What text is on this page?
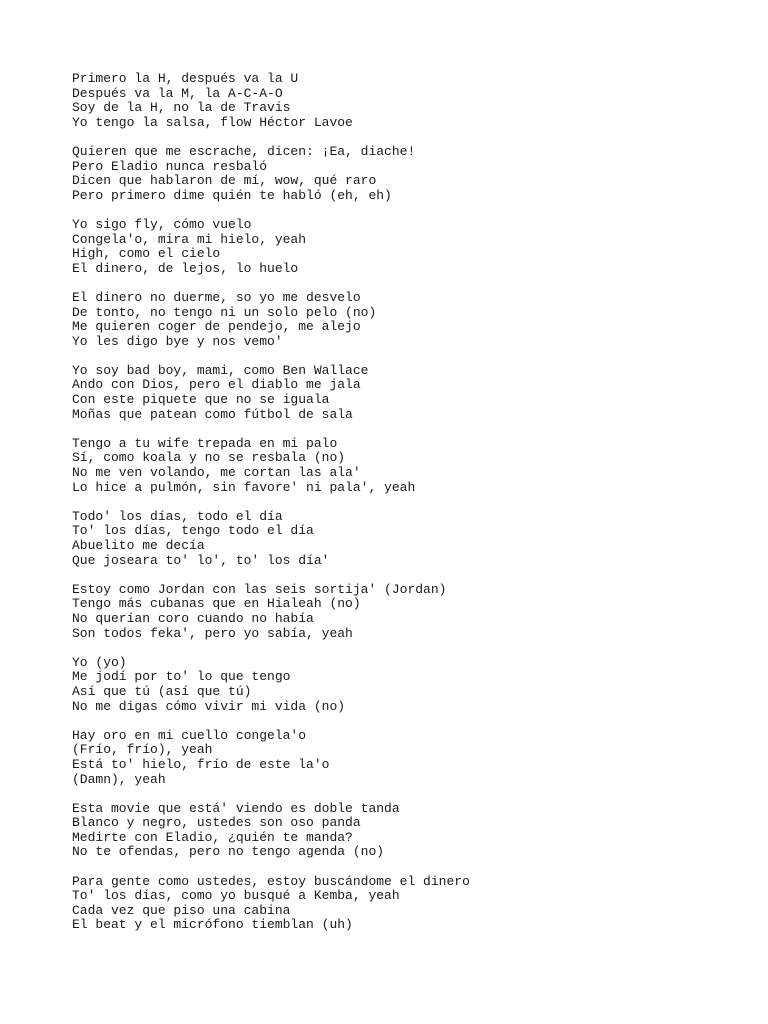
Primero la H, después va la U
Después va la M, la A-C-A-O
Soy de la H, no la de Travis
Yo tengo la salsa, flow Héctor Lavoe
Quieren que me escrache, dicen: ¡Ea, diache!
Pero Eladio nunca resbaló
Dicen que hablaron de mí, wow, qué raro
Pero primero dime quién te habló (eh, eh)
Yo sigo fly, cómo vuelo
Congela'o, mira mi hielo, yeah
High, como el cielo
El dinero, de lejos, lo huelo
El dinero no duerme, so yo me desvelo
De tonto, no tengo ni un solo pelo (no)
Me quieren coger de pendejo, me alejo
Yo les digo bye y nos vemo'
Yo soy bad boy, mami, como Ben Wallace
Ando con Dios, pero el diablo me jala
Con este piquete que no se iguala
Moñas que patean como fútbol de sala
Tengo a tu wife trepada en mi palo
Sí, como koala y no se resbala (no)
No me ven volando, me cortan las ala'
Lo hice a pulmón, sin favore' ni pala', yeah
Todo' los días, todo el día
To' los días, tengo todo el día
Abuelito me decía
Que joseara to' lo', to' los día'
Estoy como Jordan con las seis sortija' (Jordan)
Tengo más cubanas que en Hialeah (no)
No querían coro cuando no había
Son todos feka', pero yo sabía, yeah
Yo (yo)
Me jodí por to' lo que tengo
Así que tú (así que tú)
No me digas cómo vivir mi vida (no)
Hay oro en mi cuello congela'o
(Frío, frío), yeah
Está to' hielo, frío de este la'o
(Damn), yeah
Esta movie que está' viendo es doble tanda
Blanco y negro, ustedes son oso panda
Medirte con Eladio, ¿quién te manda?
No te ofendas, pero no tengo agenda (no)
Para gente como ustedes, estoy buscándome el dinero
To' los días, como yo busqué a Kemba, yeah
Cada vez que piso una cabina
El beat y el micrófono tiemblan (uh)
